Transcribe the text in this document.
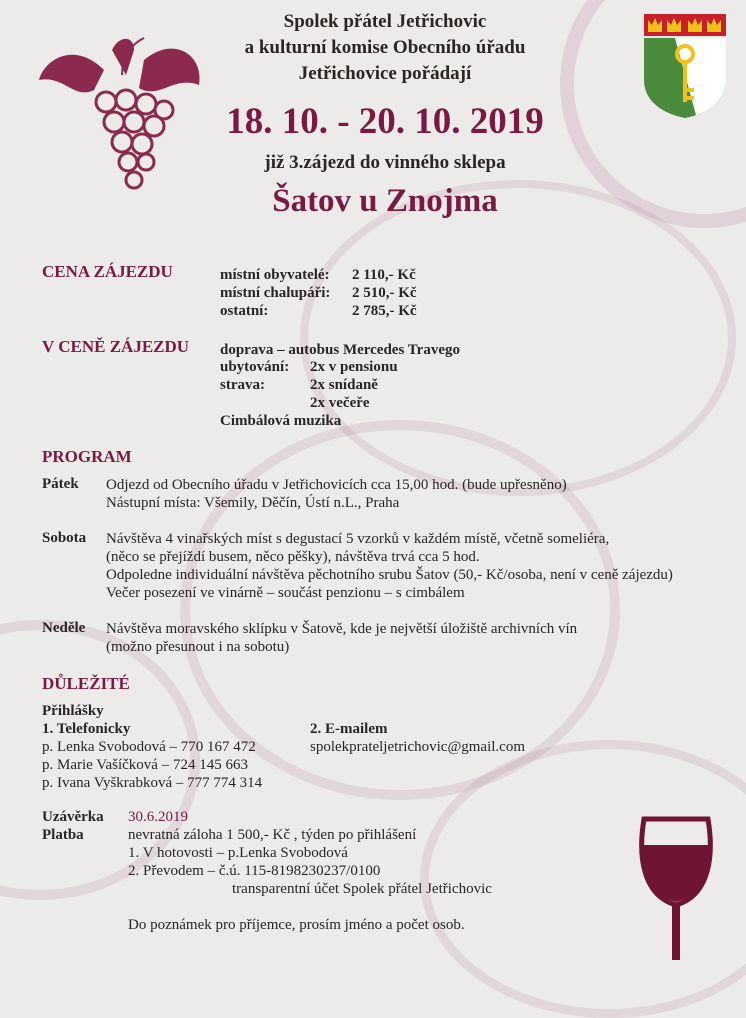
Spolek přátel Jetřichovic
a kulturní komise Obecního úřadu
Jetřichovice pořádají
18. 10. - 20. 10. 2019
již 3.zájezd do vinného sklepa
Šatov u Znojma
CENA ZÁJEZDU	místní obyvatelé: 2 110,- Kč
místní chalupáři: 2 510,- Kč
ostatní:	2 785,- Kč
V CENĚ ZÁJEZDU doprava – autobus Mercedes Travego
ubytování: 2x v pensionu
strava:	2x snídaně
2x večeře
Cimbálová muzika
PROGRAM
Pátek Odjezd od Obecního úřadu v Jetřichovicích cca 15,00 hod. (bude upřesněno)
Nástupní místa: Všemily, Děčín, Ústí n.L., Praha
Sobota Návštěva 4 vinařských míst s degustací 5 vzorků v každém místě, včetně someliéra,
(něco se přejíždí busem, něco pěšky), návštěva trvá cca 5 hod.
Odpoledne individuální návštěva pěchotního srubu Šatov (50,- Kč/osoba, není v ceně zájezdu)
Večer posezení ve vinárně – součást penzionu – s cimbálem
Neděle Návštěva moravského sklípku v Šatově, kde je největší úložiště archivních vín
(možno přesunout i na sobotu)
DŮLEŽITÉ
Přihlášky
1. Telefonicky
p. Lenka Svobodová – 770 167 472
p. Marie Vašíčková – 724 145 663
p. Ivana Vyškrabková – 777 774 314
2. E-mailem
spolekprateljetrichovic@gmail.com
Uzávěrka 30.6.2019
Platba	nevratná záloha 1 500,- Kč , týden po přihlášení
1. V hotovosti – p.Lenka Svobodová
2. Převodem – č.ú. 115-8198230237/0100
transparentní účet Spolek přátel Jetřichovic
Do poznámek pro příjemce, prosím jméno a počet osob.
